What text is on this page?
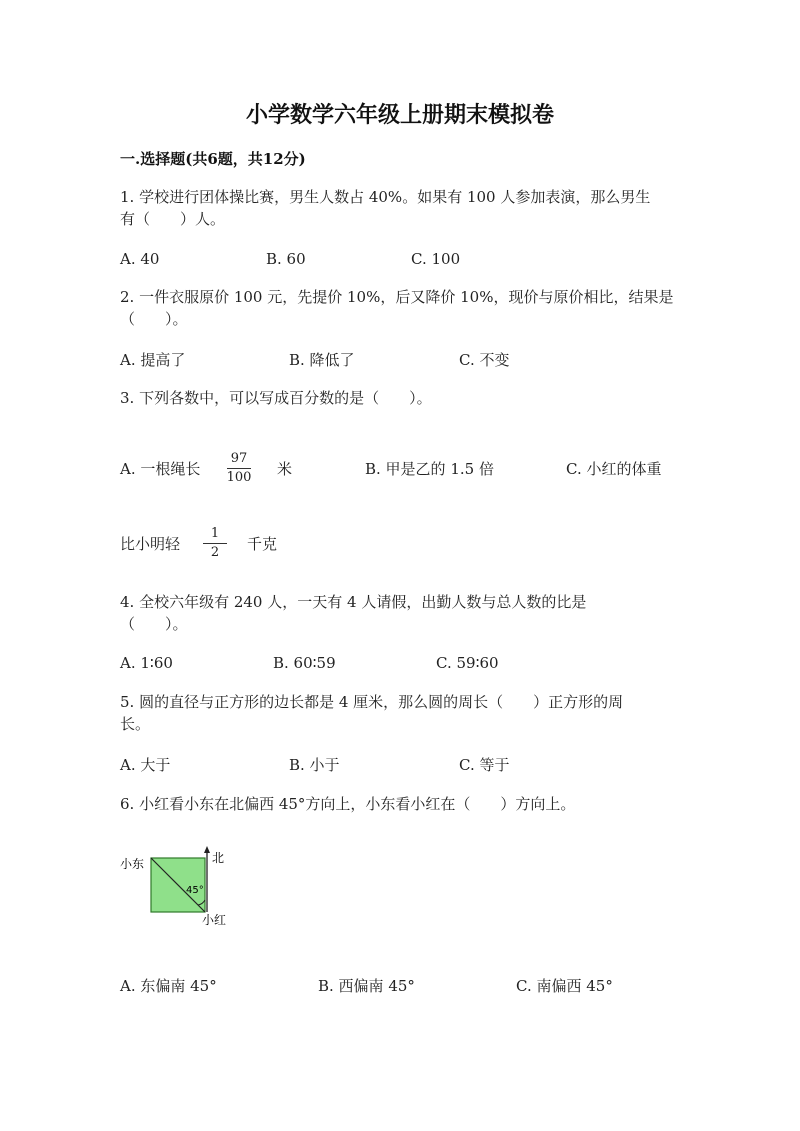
小学数学六年级上册期末模拟卷
一.选择题(共6题，共12分)
1. 学校进行团体操比赛，男生人数占 40%。如果有 100 人参加表演，那么男生
有（　　）人。
A. 40	B. 60	C. 100
2. 一件衣服原价 100 元，先提价 10%，后又降价 10%，现价与原价相比，结果是
（　　）。
A. 提高了	B. 降低了	C. 不变
3. 下列各数中，可以写成百分数的是（　　）。
A. 一根绳长
97
100 米	B. 甲是乙的 1.5 倍	C. 小红的体重
比小明轻
1
2	千克
4. 全校六年级有 240 人，一天有 4 人请假，出勤人数与总人数的比是
（　　）。
A. 1∶60	B. 60∶59	C. 59∶60
5. 圆的直径与正方形的边长都是 4 厘米，那么圆的周长（　　）正方形的周
长。
A. 大于	B. 小于	C. 等于
6. 小红看小东在北偏西 45°方向上，小东看小红在（　　）方向上。
小东	北
45°
小红
A. 东偏南 45°	B. 西偏南 45°	C. 南偏西 45°
